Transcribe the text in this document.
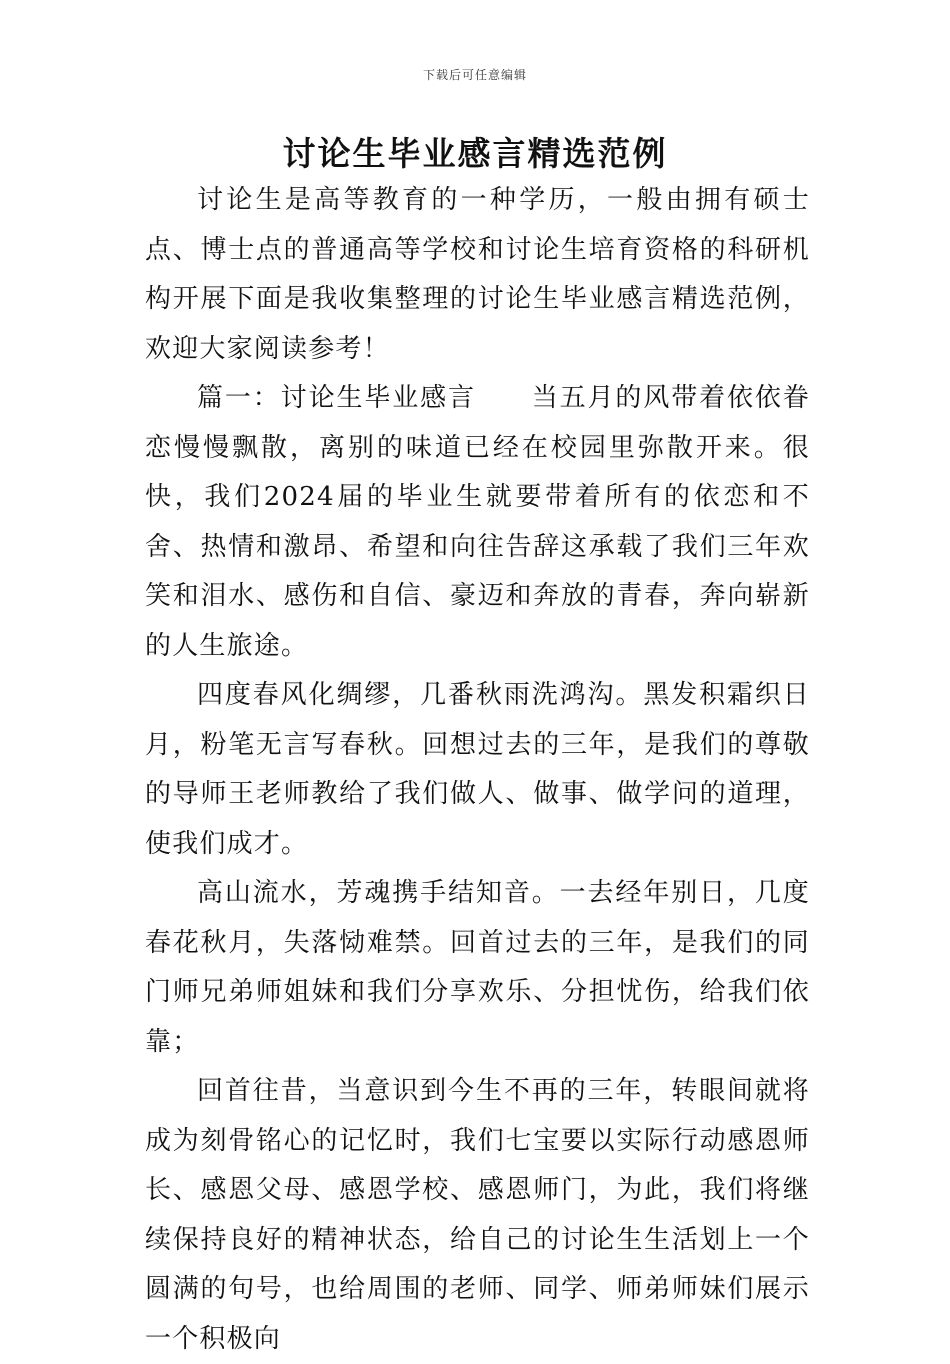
下载后可任意编辑
讨论生毕业感言精选范例

讨论生是高等教育的一种学历，一般由拥有硕士点、博士点的普通高等学校和讨论生培育资格的科研机构开展下面是我收集整理的讨论生毕业感言精选范例，欢迎大家阅读参考！

篇一：讨论生毕业感言　　当五月的风带着依依眷恋慢慢飘散，离别的味道已经在校园里弥散开来。很快，我们2024届的毕业生就要带着所有的依恋和不舍、热情和激昂、希望和向往告辞这承载了我们三年欢笑和泪水、感伤和自信、豪迈和奔放的青春，奔向崭新的人生旅途。

四度春风化绸缪，几番秋雨洗鸿沟。黑发积霜织日月，粉笔无言写春秋。回想过去的三年，是我们的尊敬的导师王老师教给了我们做人、做事、做学问的道理，使我们成才。

高山流水，芳魂携手结知音。一去经年别日，几度春花秋月，失落恸难禁。回首过去的三年，是我们的同门师兄弟师姐妹和我们分享欢乐、分担忧伤，给我们依靠；

回首往昔，当意识到今生不再的三年，转眼间就将成为刻骨铭心的记忆时，我们七宝要以实际行动感恩师长、感恩父母、感恩学校、感恩师门，为此，我们将继续保持良好的精神状态，给自己的讨论生生活划上一个圆满的句号，也给周围的老师、同学、师弟师妹们展示一个积极向
